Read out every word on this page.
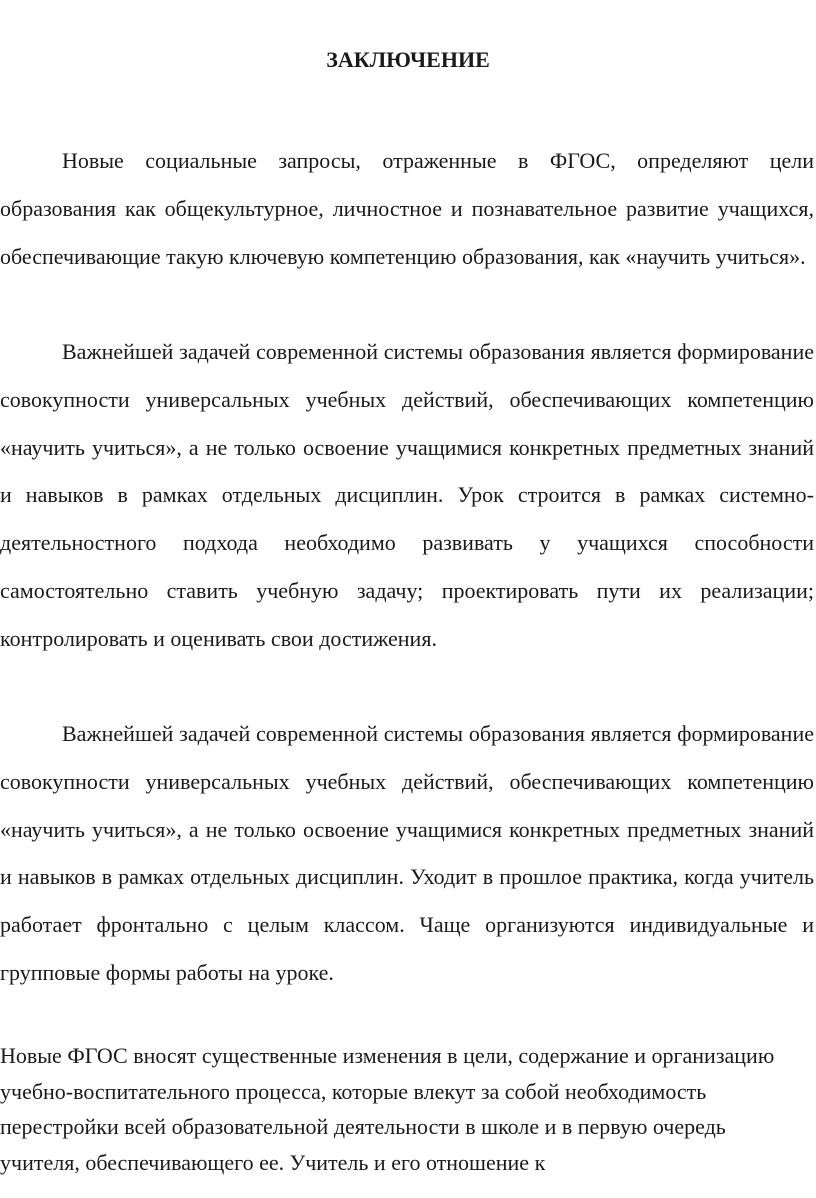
ЗАКЛЮЧЕНИЕ

Новые социальные запросы, отраженные в ФГОС, определяют цели образования как общекультурное, личностное и познавательное развитие учащихся, обеспечивающие такую ключевую компетенцию образования, как «научить учиться».

Важнейшей задачей современной системы образования является формирование совокупности универсальных учебных действий, обеспечивающих компетенцию «научить учиться», а не только освоение учащимися конкретных предметных знаний и навыков в рамках отдельных дисциплин. Урок строится в рамках системно-деятельностного подхода необходимо развивать у учащихся способности самостоятельно ставить учебную задачу; проектировать пути их реализации; контролировать и оценивать свои достижения.

Важнейшей задачей современной системы образования является формирование совокупности универсальных учебных действий, обеспечивающих компетенцию «научить учиться», а не только освоение учащимися конкретных предметных знаний и навыков в рамках отдельных дисциплин. Уходит в прошлое практика, когда учитель работает фронтально с целым классом. Чаще организуются индивидуальные и групповые формы работы на уроке.

Новые ФГОС вносят существенные изменения в цели, содержание и организацию учебно-воспитательного процесса, которые влекут за собой необходимость перестройки всей образовательной деятельности в школе и в первую очередь учителя, обеспечивающего ее. Учитель и его отношение к
